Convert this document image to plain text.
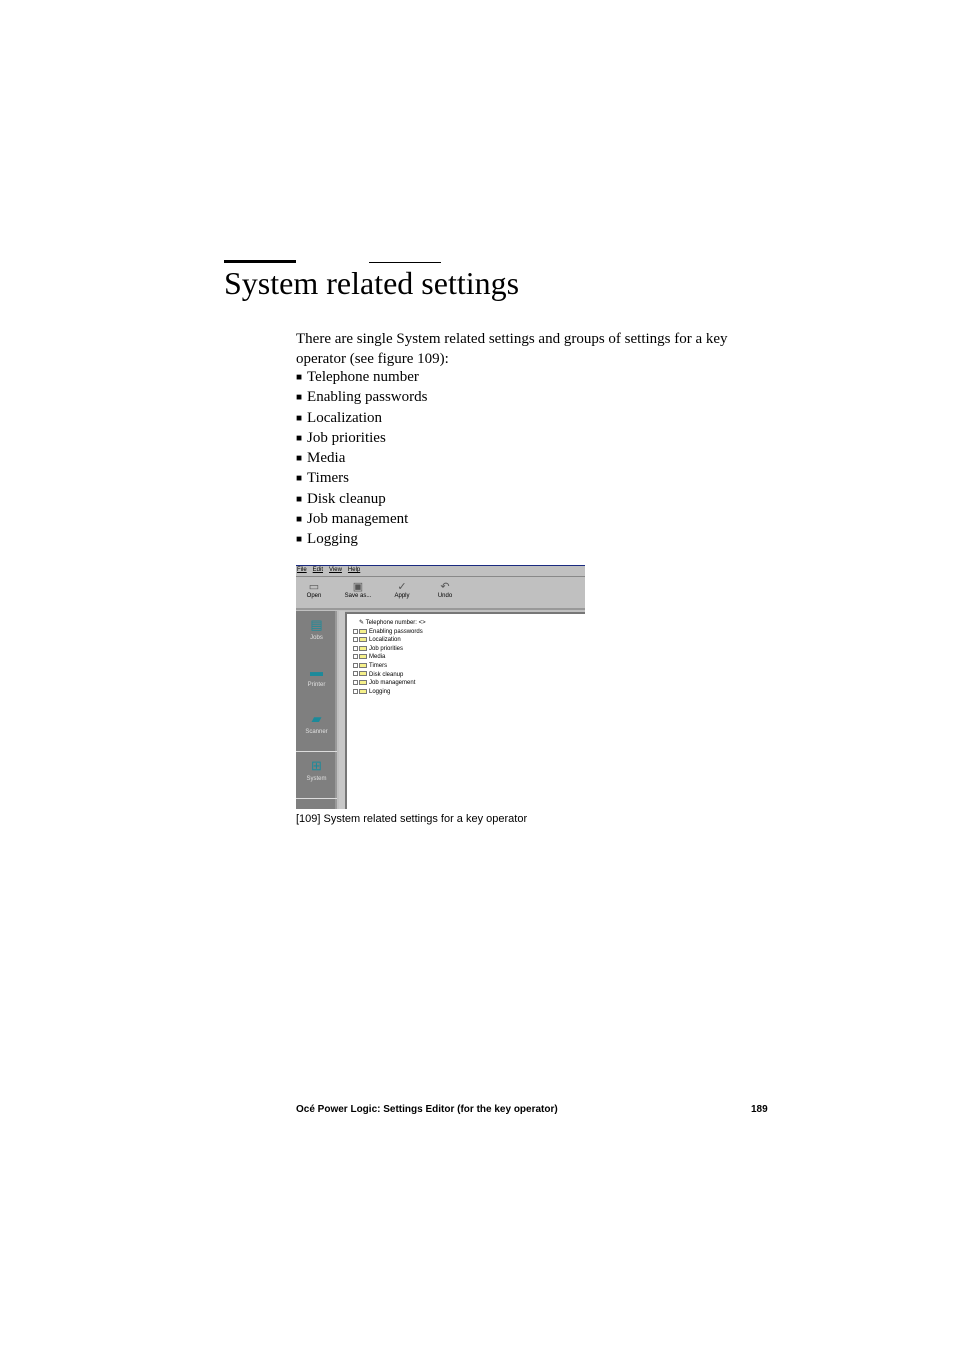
System related settings

There are single System related settings and groups of settings for a key operator (see figure 109):

■ Telephone number
■ Enabling passwords
■ Localization
■ Job priorities
■ Media
■ Timers
■ Disk cleanup
■ Job management
■ Logging
File Edit View Help
▭
Open
▣
Save as...
✓
Apply
↶
Undo
▤
Jobs
▬
Printer
▰
Scanner
⊞
System
✎ Telephone number: <>
Enabling passwords
Localization
Job priorities
Media
Timers
Disk cleanup
Job management
Logging
[109] System related settings for a key operator
Océ Power Logic: Settings Editor (for the key operator)	189
